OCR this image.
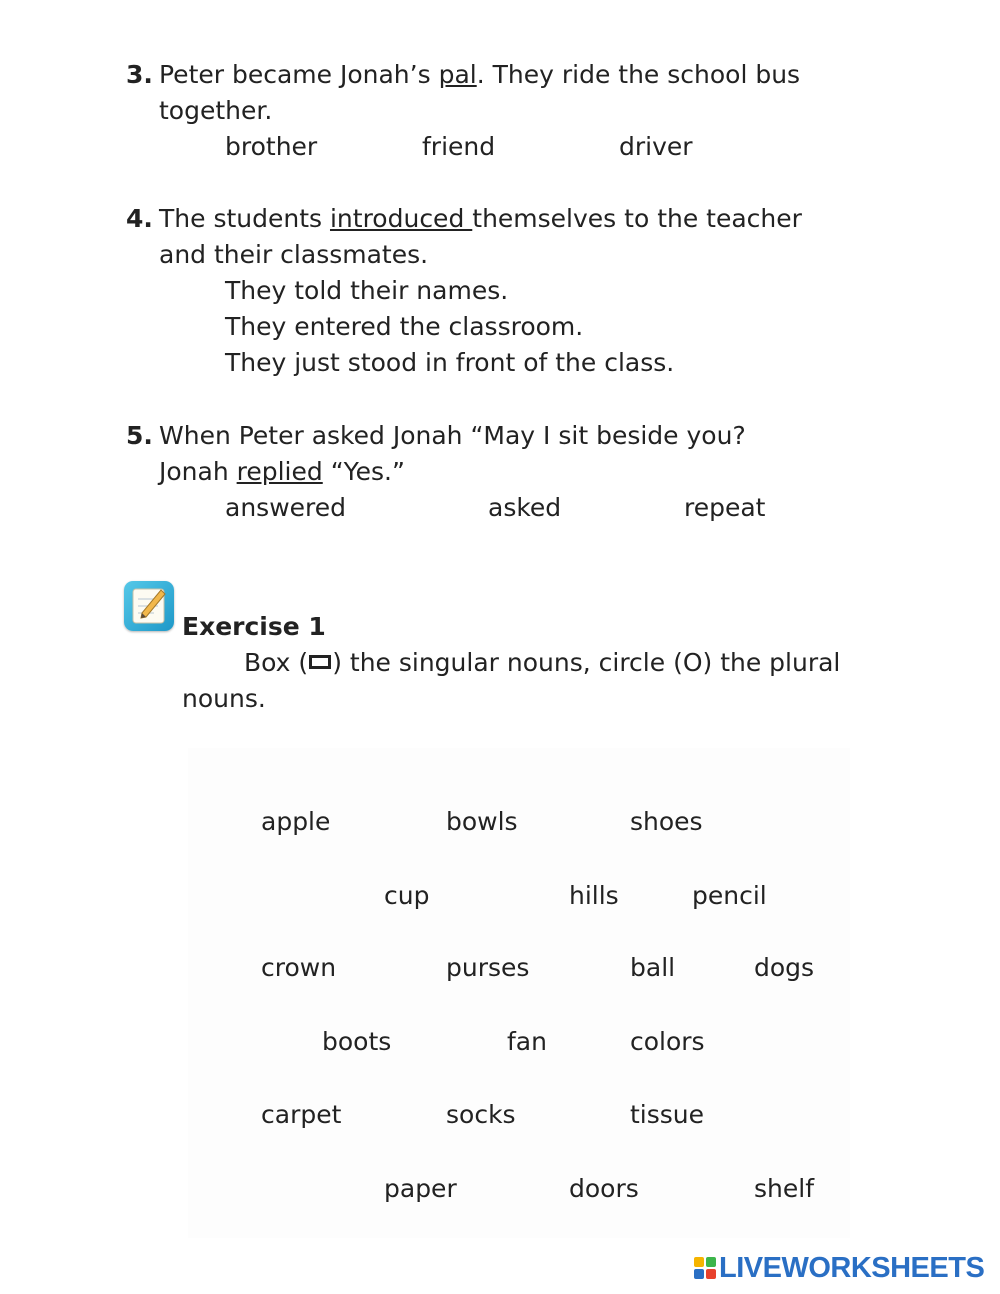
3. Peter became Jonah’s pal. They ride the school bus
together.
brother	friend	driver
4. The students introduced themselves to the teacher
and their classmates.
They told their names.
They entered the classroom.
They just stood in front of the class.
5. When Peter asked Jonah “May I sit beside you?
Jonah replied “Yes.”
answered	asked	repeat
Exercise 1
Box ( ) the singular nouns, circle (O) the plural
nouns.
apple	bowls	shoes
cup	hills	pencil
crown	purses	ball	dogs
boots	fan	colors
carpet	socks	tissue
paper	doors	shelf
LIVEWORKSHEETS
